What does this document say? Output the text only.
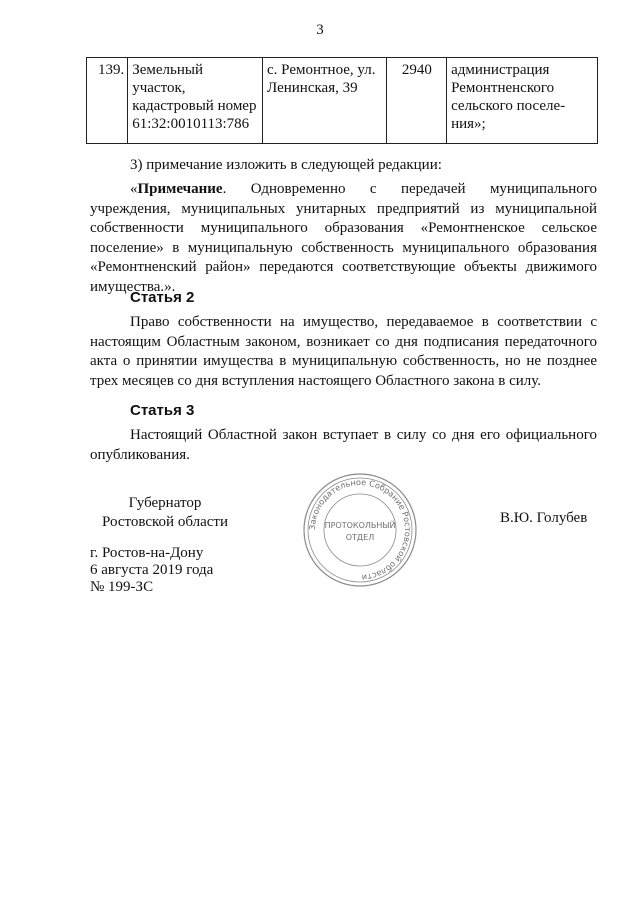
3
139.	Земельный участок, кадастровый номер 61:32:0010113:786	с. Ремонтное, ул. Ленинская, 39	2940	администрация Ремонтненского сельского поселе-ния»;

3) примечание изложить в следующей редакции:

«Примечание. Одновременно с передачей муниципального учреждения, муниципальных унитарных предприятий из муниципальной собственности муниципального образования «Ремонтненское сельское поселение» в муниципальную собственность муниципального образования «Ремонтненский район» передаются соответствующие объекты движимого имущества.».

Статья 2

Право собственности на имущество, передаваемое в соответствии с настоящим Областным законом, возникает со дня подписания передаточного акта о принятии имущества в муниципальную собственность, но не позднее трех месяцев со дня вступления настоящего Областного закона в силу.

Статья 3

Настоящий Областной закон вступает в силу со дня его официального опубликования.

Губернатор
Ростовской области	В.Ю. Голубев
г. Ростов-на-Дону
6 августа 2019 года
№ 199-ЗС
Законодательное Собрание Ростовской области
ПРОТОКОЛЬНЫЙ
ОТДЕЛ
